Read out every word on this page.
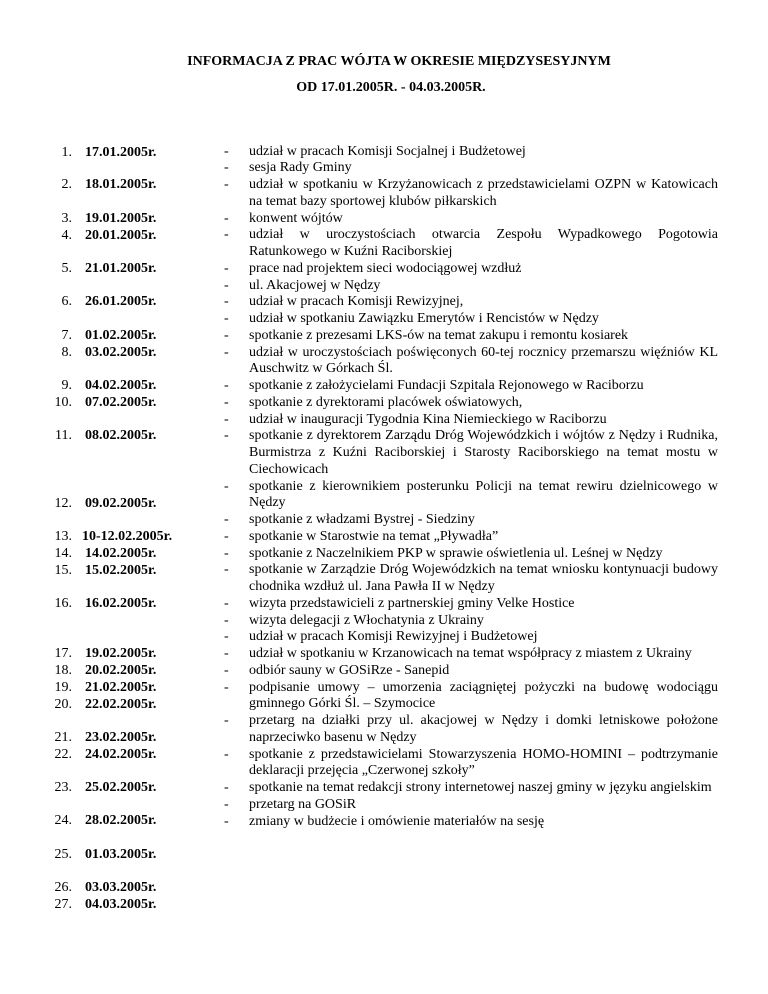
INFORMACJA Z PRAC WÓJTA W OKRESIE MIĘDZYSESYJNYM
OD 17.01.2005R. - 04.03.2005R.
1.
2.
3.
4.
5.
6.
7.
8.
9.
10.
11.
12.
13.
14.
15.
16.
17.
18.
19.
20.
21.
22.
23.
24.
25.
26.
27.
17.01.2005r.
18.01.2005r.
19.01.2005r.
20.01.2005r.
21.01.2005r.
26.01.2005r.
01.02.2005r.
03.02.2005r.
04.02.2005r.
07.02.2005r.
08.02.2005r.
09.02.2005r.
10-12.02.2005r.
14.02.2005r.
15.02.2005r.
16.02.2005r.
19.02.2005r.
20.02.2005r.
21.02.2005r.
22.02.2005r.
23.02.2005r.
24.02.2005r.
25.02.2005r.
28.02.2005r.
01.03.2005r.
03.03.2005r.
04.03.2005r.
- udział w pracach Komisji Socjalnej i Budżetowej
- sesja Rady Gminy
- udział w spotkaniu w Krzyżanowicach z przedstawicielami OZPN w Katowicach na temat bazy sportowej klubów piłkarskich
- konwent wójtów
- udział w uroczystościach otwarcia Zespołu Wypadkowego Pogotowia Ratunkowego w Kuźni Raciborskiej
- prace nad projektem sieci wodociągowej wzdłuż
- ul. Akacjowej w Nędzy
- udział w pracach Komisji Rewizyjnej,
- udział w spotkaniu Zawiązku Emerytów i Rencistów w Nędzy
- spotkanie z prezesami LKS-ów na temat zakupu i remontu kosiarek
- udział w uroczystościach poświęconych 60-tej rocznicy przemarszu więźniów KL Auschwitz w Górkach Śl.
- spotkanie z założycielami Fundacji Szpitala Rejonowego w Raciborzu
- spotkanie z dyrektorami placówek oświatowych,
- udział w inauguracji Tygodnia Kina Niemieckiego w Raciborzu
- spotkanie z dyrektorem Zarządu Dróg Wojewódzkich i wójtów z Nędzy i Rudnika, Burmistrza z Kuźni Raciborskiej i Starosty Raciborskiego na temat mostu w Ciechowicach
- spotkanie z kierownikiem posterunku Policji na temat rewiru dzielnicowego w Nędzy
- spotkanie z władzami Bystrej - Siedziny
- spotkanie w Starostwie na temat „Pływadła”
- spotkanie z Naczelnikiem PKP w sprawie oświetlenia ul. Leśnej w Nędzy
- spotkanie w Zarządzie Dróg Wojewódzkich na temat wniosku kontynuacji budowy chodnika wzdłuż ul. Jana Pawła II w Nędzy
- wizyta przedstawicieli z partnerskiej gminy Velke Hostice
- wizyta delegacji z Włochatynia z Ukrainy
- udział w pracach Komisji Rewizyjnej i Budżetowej
- udział w spotkaniu w Krzanowicach na temat współpracy z miastem z Ukrainy
- odbiór sauny w GOSiRze - Sanepid
- podpisanie umowy – umorzenia zaciągniętej pożyczki na budowę wodociągu gminnego Górki Śl. – Szymocice
- przetarg na działki przy ul. akacjowej w Nędzy i domki letniskowe położone naprzeciwko basenu w Nędzy
- spotkanie z przedstawicielami Stowarzyszenia HOMO-HOMINI – podtrzymanie deklaracji przejęcia „Czerwonej szkoły”
- spotkanie na temat redakcji strony internetowej naszej gminy w języku angielskim
- przetarg na GOSiR
- zmiany w budżecie i omówienie materiałów na sesję
